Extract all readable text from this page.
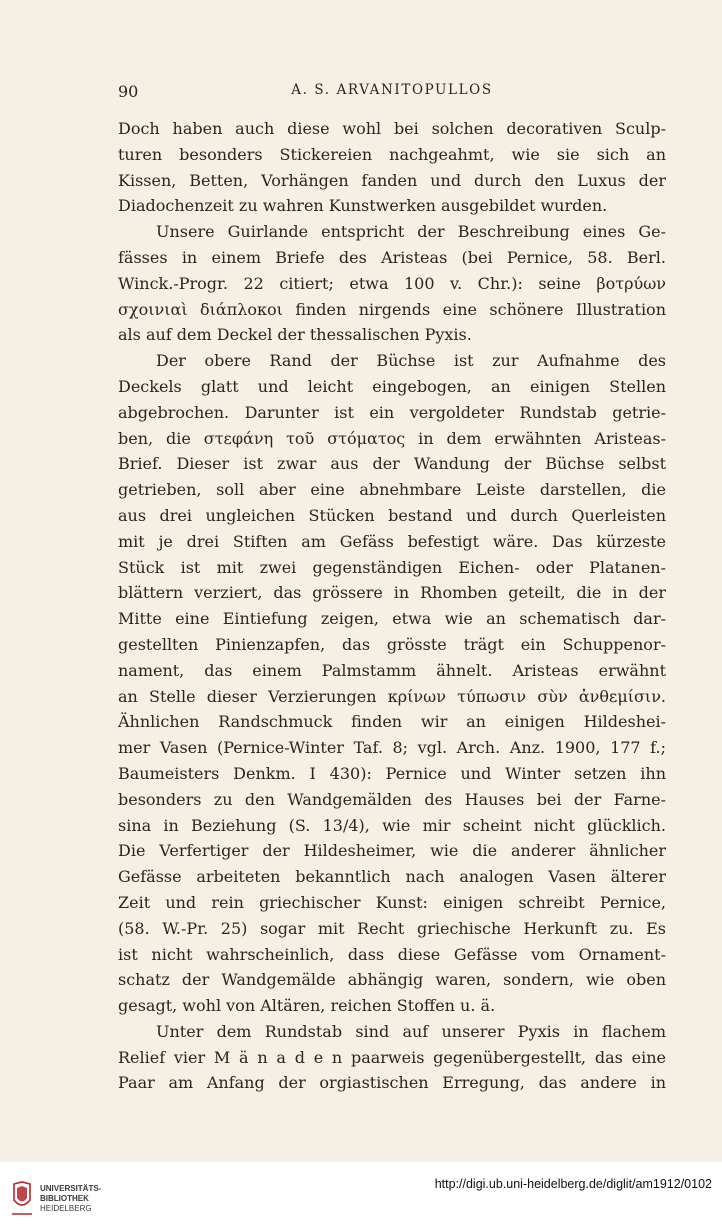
90	A. S. ARVANITOPULLOS
Doch haben auch diese wohl bei solchen decorativen Sculp-
turen besonders Stickereien nachgeahmt, wie sie sich an
Kissen, Betten, Vorhängen fanden und durch den Luxus der
Diadochenzeit zu wahren Kunstwerken ausgebildet wurden.
Unsere Guirlande entspricht der Beschreibung eines Ge-
fässes in einem Briefe des Aristeas (bei Pernice, 58. Berl.
Winck.-Progr. 22 citiert; etwa 100 v. Chr.): seine βοτρύων
σχοινιαὶ διάπλοκοι finden nirgends eine schönere Illustration
als auf dem Deckel der thessalischen Pyxis.
Der obere Rand der Büchse ist zur Aufnahme des
Deckels glatt und leicht eingebogen, an einigen Stellen
abgebrochen. Darunter ist ein vergoldeter Rundstab getrie-
ben, die στεφάνη τοῦ στόματος in dem erwähnten Aristeas-
Brief. Dieser ist zwar aus der Wandung der Büchse selbst
getrieben, soll aber eine abnehmbare Leiste darstellen, die
aus drei ungleichen Stücken bestand und durch Querleisten
mit je drei Stiften am Gefäss befestigt wäre. Das kürzeste
Stück ist mit zwei gegenständigen Eichen- oder Platanen-
blättern verziert, das grössere in Rhomben geteilt, die in der
Mitte eine Eintiefung zeigen, etwa wie an schematisch dar-
gestellten Pinienzapfen, das grösste trägt ein Schuppenor-
nament, das einem Palmstamm ähnelt. Aristeas erwähnt
an Stelle dieser Verzierungen κρίνων τύπωσιν σὺν ἀνθεμίσιν.
Ähnlichen Randschmuck finden wir an einigen Hildeshei-
mer Vasen (Pernice-Winter Taf. 8; vgl. Arch. Anz. 1900, 177 f.;
Baumeisters Denkm. I 430): Pernice und Winter setzen ihn
besonders zu den Wandgemälden des Hauses bei der Farne-
sina in Beziehung (S. 13/4), wie mir scheint nicht glücklich.
Die Verfertiger der Hildesheimer, wie die anderer ähnlicher
Gefässe arbeiteten bekanntlich nach analogen Vasen älterer
Zeit und rein griechischer Kunst: einigen schreibt Pernice,
(58. W.-Pr. 25) sogar mit Recht griechische Herkunft zu. Es
ist nicht wahrscheinlich, dass diese Gefässe vom Ornament-
schatz der Wandgemälde abhängig waren, sondern, wie oben
gesagt, wohl von Altären, reichen Stoffen u. ä.
Unter dem Rundstab sind auf unserer Pyxis in flachem
Relief vier M ä n a d e n paarweis gegenübergestellt, das eine
Paar am Anfang der orgiastischen Erregung, das andere in
UNIVERSITÄTS-
BIBLIOTHEK
HEIDELBERG
http://digi.ub.uni-heidelberg.de/diglit/am1912/0102
